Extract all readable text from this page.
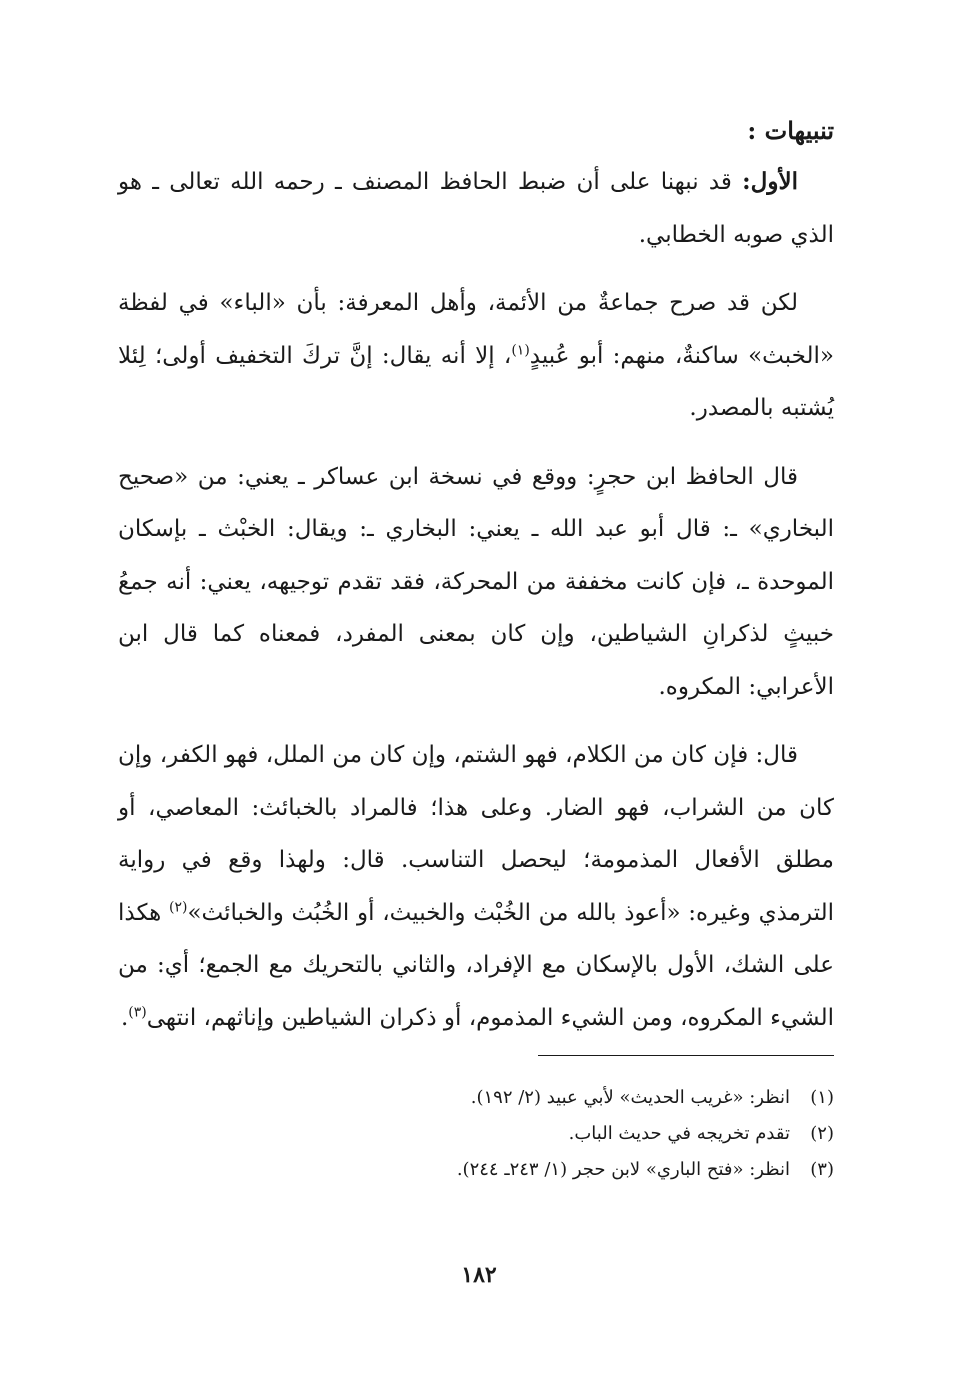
تنبيهات :

الأول: قد نبهنا على أن ضبط الحافظ المصنف ـ رحمه الله تعالى ـ هو الذي صوبه الخطابي.

لكن قد صرح جماعةٌ من الأئمة، وأهل المعرفة: بأن «الباء» في لفظة «الخبث» ساكنةٌ، منهم: أبو عُبيدٍ$^{(١)}$، إلا أنه يقال: إنَّ تركَ التخفيف أولى؛ لِئلا يُشتبه بالمصدر.

قال الحافظ ابن حجرٍ: ووقع في نسخة ابن عساكر ـ يعني: من «صحيح البخاري» ـ: قال أبو عبد الله ـ يعني: البخاري ـ: ويقال: الخبْث ـ بإسكان الموحدة ـ، فإن كانت مخففة من المحركة، فقد تقدم توجيهه، يعني: أنه جمعُ خبيثٍ لذكرانِ الشياطين، وإن كان بمعنى المفرد، فمعناه كما قال ابن الأعرابي: المكروه.

قال: فإن كان من الكلام، فهو الشتم، وإن كان من الملل، فهو الكفر، وإن كان من الشراب، فهو الضار. وعلى هذا؛ فالمراد بالخبائث: المعاصي، أو مطلق الأفعال المذمومة؛ ليحصل التناسب. قال: ولهذا وقع في رواية الترمذي وغيره: «أعوذ بالله من الخُبْث والخبيث، أو الخُبُث والخبائث»$^{(٢)}$ هكذا على الشك، الأول بالإسكان مع الإفراد، والثاني بالتحريك مع الجمع؛ أي: من الشيء المكروه، ومن الشيء المذموم، أو ذكران الشياطين وإناثهم، انتهى$^{(٣)}$.

(١)انظر: «غريب الحديث» لأبي عبيد (٢/ ١٩٢).
(٢)تقدم تخريجه في حديث الباب.
(٣)انظر: «فتح الباري» لابن حجر (١/ ٢٤٣ـ ٢٤٤).
١٨٢
